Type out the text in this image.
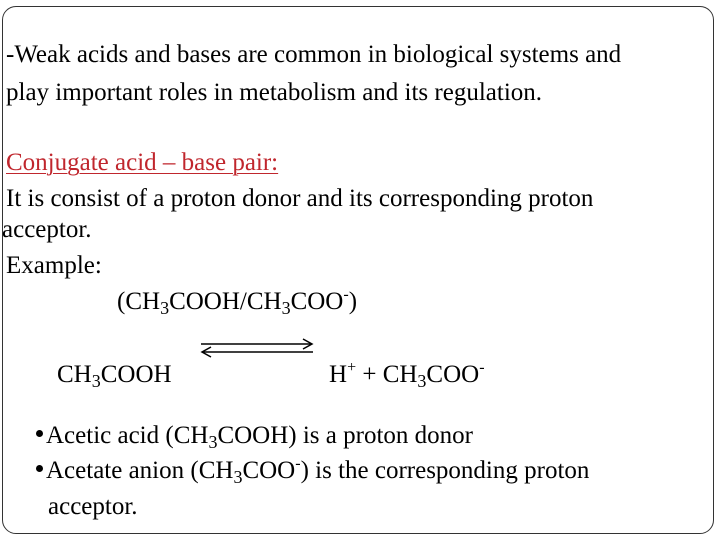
-Weak acids and bases are common in biological systems and

play important roles in metabolism and its regulation.

Conjugate acid – base pair:

It is consist of a proton donor and its corresponding proton

acceptor.

Example:

$(CH_3COOH/CH_3COO^-)$

$CH_3COOH$	$H^+ + CH_3COO^-$

Acetic acid $(CH_3COOH)$ is a proton donor

Acetate anion $(CH_3COO^-)$ is the corresponding proton

acceptor.
